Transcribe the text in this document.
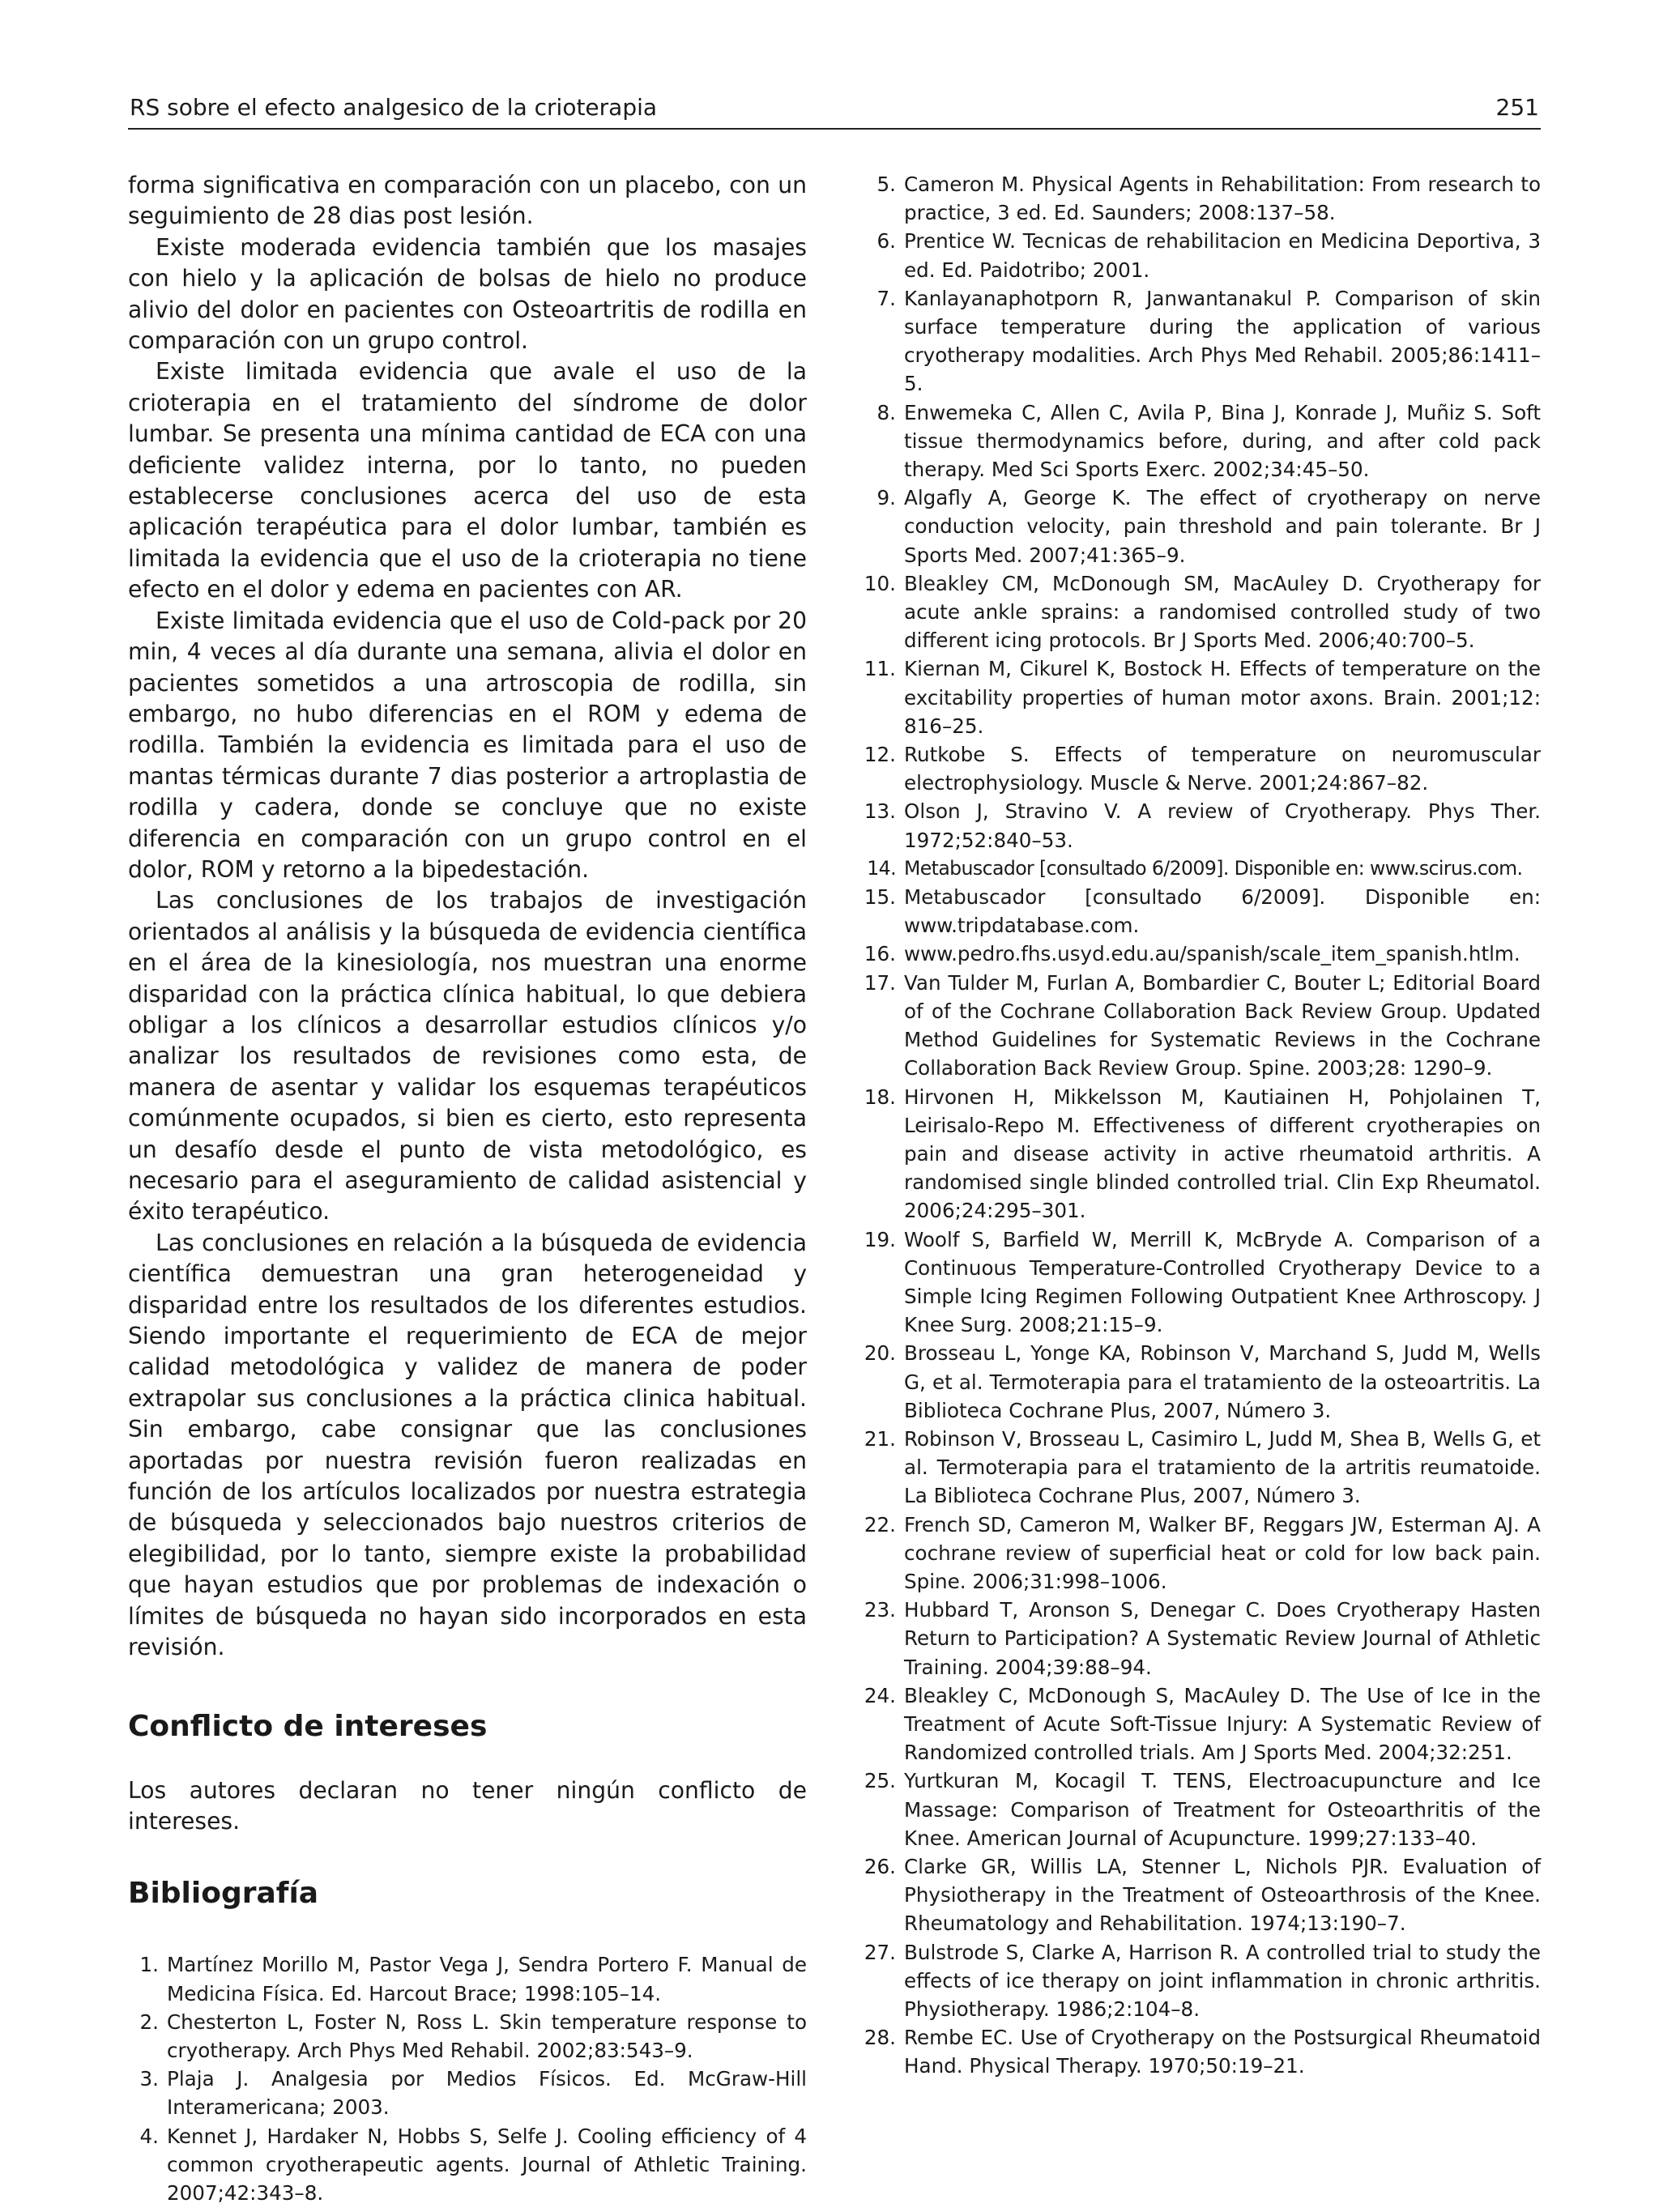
RS sobre el efecto analgesico de la crioterapia	251

forma significativa en comparación con un placebo, con un seguimiento de 28 dias post lesión.

Existe moderada evidencia también que los masajes con hielo y la aplicación de bolsas de hielo no produce alivio del dolor en pacientes con Osteoartritis de rodilla en comparación con un grupo control.

Existe limitada evidencia que avale el uso de la crioterapia en el tratamiento del síndrome de dolor lumbar. Se presenta una mínima cantidad de ECA con una deficiente validez interna, por lo tanto, no pueden establecerse conclusiones acerca del uso de esta aplicación terapéutica para el dolor lumbar, también es limitada la evidencia que el uso de la crioterapia no tiene efecto en el dolor y edema en pacientes con AR.

Existe limitada evidencia que el uso de Cold-pack por 20 min, 4 veces al día durante una semana, alivia el dolor en pacientes sometidos a una artroscopia de rodilla, sin embargo, no hubo diferencias en el ROM y edema de rodilla. También la evidencia es limitada para el uso de mantas térmicas durante 7 dias posterior a artroplastia de rodilla y cadera, donde se concluye que no existe diferencia en comparación con un grupo control en el dolor, ROM y retorno a la bipedestación.

Las conclusiones de los trabajos de investigación orientados al análisis y la búsqueda de evidencia científica en el área de la kinesiología, nos muestran una enorme disparidad con la práctica clínica habitual, lo que debiera obligar a los clínicos a desarrollar estudios clínicos y/o analizar los resultados de revisiones como esta, de manera de asentar y validar los esquemas terapéuticos comúnmente ocupados, si bien es cierto, esto representa un desafío desde el punto de vista metodológico, es necesario para el aseguramiento de calidad asistencial y éxito terapéutico.

Las conclusiones en relación a la búsqueda de evidencia científica demuestran una gran heterogeneidad y disparidad entre los resultados de los diferentes estudios. Siendo importante el requerimiento de ECA de mejor calidad metodológica y validez de manera de poder extrapolar sus conclusiones a la práctica clinica habitual. Sin embargo, cabe consignar que las conclusiones aportadas por nuestra revisión fueron realizadas en función de los artículos localizados por nuestra estrategia de búsqueda y seleccionados bajo nuestros criterios de elegibilidad, por lo tanto, siempre existe la probabilidad que hayan estudios que por problemas de indexación o límites de búsqueda no hayan sido incorporados en esta revisión.

Conflicto de intereses

Los autores declaran no tener ningún conflicto de intereses.

Bibliografía
1. Martínez Morillo M, Pastor Vega J, Sendra Portero F. Manual de Medicina Física. Ed. Harcout Brace; 1998:105–14.
2. Chesterton L, Foster N, Ross L. Skin temperature response to cryotherapy. Arch Phys Med Rehabil. 2002;83:543–9.
3. Plaja J. Analgesia por Medios Físicos. Ed. McGraw-Hill Interamericana; 2003.
4. Kennet J, Hardaker N, Hobbs S, Selfe J. Cooling efficiency of 4 common cryotherapeutic agents. Journal of Athletic Training. 2007;42:343–8.
5. Cameron M. Physical Agents in Rehabilitation: From research to practice, 3 ed. Ed. Saunders; 2008:137–58.
6. Prentice W. Tecnicas de rehabilitacion en Medicina Deportiva, 3 ed. Ed. Paidotribo; 2001.
7. Kanlayanaphotporn R, Janwantanakul P. Comparison of skin surface temperature during the application of various cryotherapy modalities. Arch Phys Med Rehabil. 2005;86:1411–5.
8. Enwemeka C, Allen C, Avila P, Bina J, Konrade J, Muñiz S. Soft tissue thermodynamics before, during, and after cold pack therapy. Med Sci Sports Exerc. 2002;34:45–50.
9. Algafly A, George K. The effect of cryotherapy on nerve conduction velocity, pain threshold and pain tolerante. Br J Sports Med. 2007;41:365–9.
10. Bleakley CM, McDonough SM, MacAuley D. Cryotherapy for acute ankle sprains: a randomised controlled study of two different icing protocols. Br J Sports Med. 2006;40:700–5.
11. Kiernan M, Cikurel K, Bostock H. Effects of temperature on the excitability properties of human motor axons. Brain. 2001;12: 816–25.
12. Rutkobe S. Effects of temperature on neuromuscular electrophysiology. Muscle & Nerve. 2001;24:867–82.
13. Olson J, Stravino V. A review of Cryotherapy. Phys Ther. 1972;52:840–53.
14. Metabuscador [consultado 6/2009]. Disponible en: www.scirus.com.
15. Metabuscador [consultado 6/2009]. Disponible en: www.tripdatabase.com.
16. www.pedro.fhs.usyd.edu.au/spanish/scale_item_spanish.htlm.
17. Van Tulder M, Furlan A, Bombardier C, Bouter L; Editorial Board of of the Cochrane Collaboration Back Review Group. Updated Method Guidelines for Systematic Reviews in the Cochrane Collaboration Back Review Group. Spine. 2003;28: 1290–9.
18. Hirvonen H, Mikkelsson M, Kautiainen H, Pohjolainen T, Leirisalo-Repo M. Effectiveness of different cryotherapies on pain and disease activity in active rheumatoid arthritis. A randomised single blinded controlled trial. Clin Exp Rheumatol. 2006;24:295–301.
19. Woolf S, Barfield W, Merrill K, McBryde A. Comparison of a Continuous Temperature-Controlled Cryotherapy Device to a Simple Icing Regimen Following Outpatient Knee Arthroscopy. J Knee Surg. 2008;21:15–9.
20. Brosseau L, Yonge KA, Robinson V, Marchand S, Judd M, Wells G, et al. Termoterapia para el tratamiento de la osteoartritis. La Biblioteca Cochrane Plus, 2007, Número 3.
21. Robinson V, Brosseau L, Casimiro L, Judd M, Shea B, Wells G, et al. Termoterapia para el tratamiento de la artritis reumatoide. La Biblioteca Cochrane Plus, 2007, Número 3.
22. French SD, Cameron M, Walker BF, Reggars JW, Esterman AJ. A cochrane review of superficial heat or cold for low back pain. Spine. 2006;31:998–1006.
23. Hubbard T, Aronson S, Denegar C. Does Cryotherapy Hasten Return to Participation? A Systematic Review Journal of Athletic Training. 2004;39:88–94.
24. Bleakley C, McDonough S, MacAuley D. The Use of Ice in the Treatment of Acute Soft-Tissue Injury: A Systematic Review of Randomized controlled trials. Am J Sports Med. 2004;32:251.
25. Yurtkuran M, Kocagil T. TENS, Electroacupuncture and Ice Massage: Comparison of Treatment for Osteoarthritis of the Knee. American Journal of Acupuncture. 1999;27:133–40.
26. Clarke GR, Willis LA, Stenner L, Nichols PJR. Evaluation of Physiotherapy in the Treatment of Osteoarthrosis of the Knee. Rheumatology and Rehabilitation. 1974;13:190–7.
27. Bulstrode S, Clarke A, Harrison R. A controlled trial to study the effects of ice therapy on joint inflammation in chronic arthritis. Physiotherapy. 1986;2:104–8.
28. Rembe EC. Use of Cryotherapy on the Postsurgical Rheumatoid Hand. Physical Therapy. 1970;50:19–21.
